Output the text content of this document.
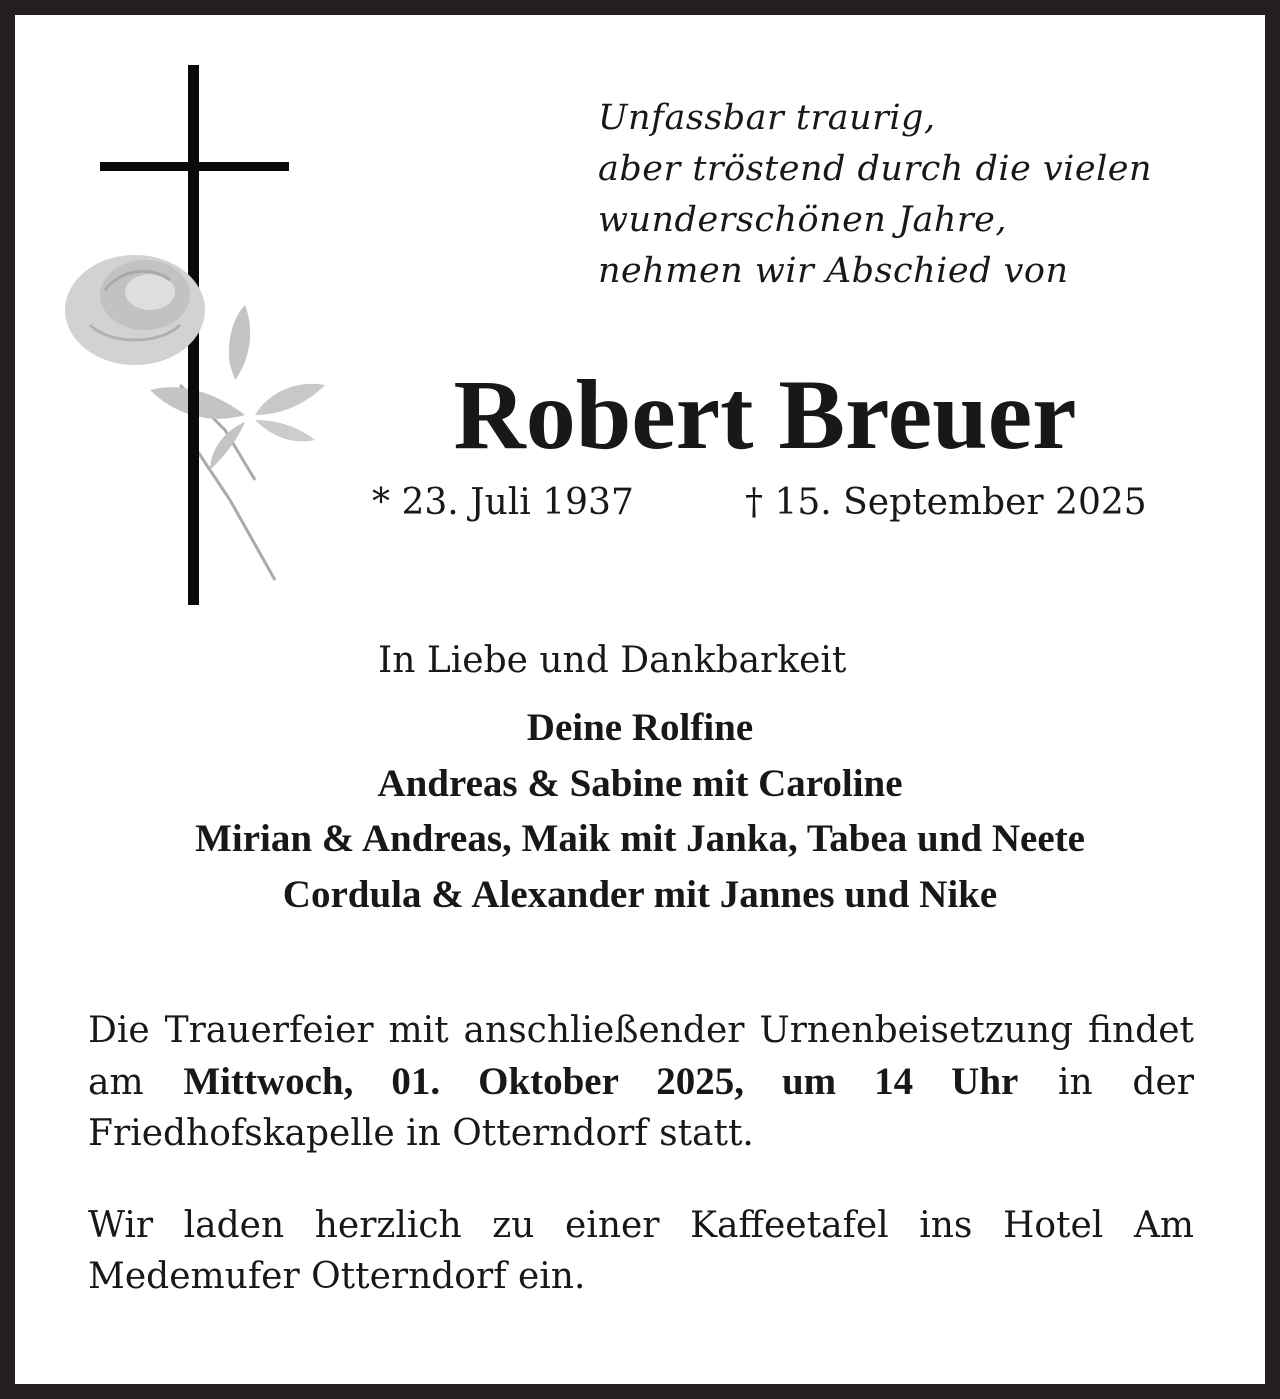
Unfassbar traurig,
aber tröstend durch die vielen
wunderschönen Jahre,
nehmen wir Abschied von
Robert Breuer
* 23. Juli 1937	† 15. September 2025
In Liebe und Dankbarkeit
Deine Rolfine
Andreas & Sabine mit Caroline
Mirian & Andreas, Maik mit Janka, Tabea und Neete
Cordula & Alexander mit Jannes und Nike
Die Trauerfeier mit anschließender Urnenbeisetzung findet am Mittwoch, 01. Oktober 2025, um 14 Uhr in der Friedhofskapelle in Otterndorf statt.
Wir laden herzlich zu einer Kaffeetafel ins Hotel Am Medemufer Otterndorf ein.
